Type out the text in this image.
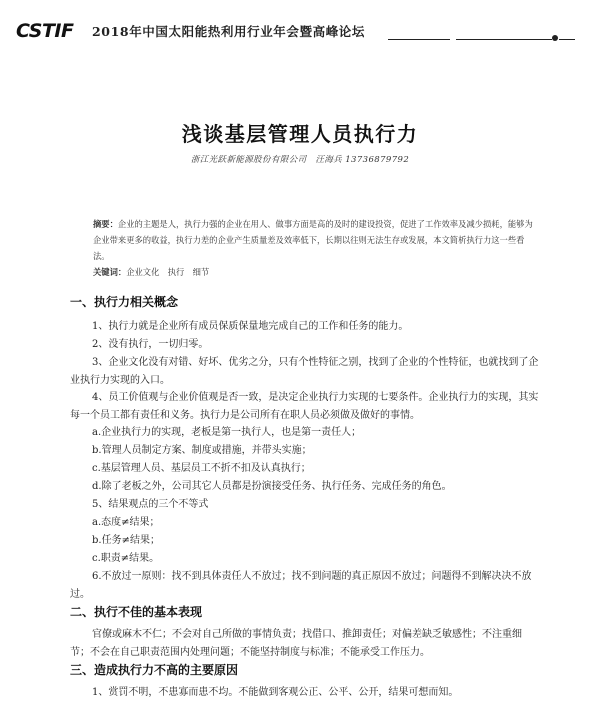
CSTIF 2018年中国太阳能热利用行业年会暨高峰论坛
浅谈基层管理人员执行力
浙江光跃新能源股份有限公司　汪海兵 13736879792
摘要：企业的主题是人，执行力强的企业在用人、做事方面是高的及时的建设投资，促进了工作效率及减少损耗，能够为企业带来更多的收益，执行力差的企业产生质量差及效率低下，长期以往则无法生存或发展，本文简析执行力这一些看法。
关键词：企业文化　执行　细节
一、执行力相关概念
1、执行力就是企业所有成员保质保量地完成自己的工作和任务的能力。
2、没有执行，一切归零。
3、企业文化没有对错、好坏、优劣之分，只有个性特征之别，找到了企业的个性特征，也就找到了企业执行力实现的入口。
4、员工价值观与企业价值观是否一致，是决定企业执行力实现的七要条件。企业执行力的实现，其实每一个员工都有责任和义务。执行力是公司所有在职人员必须做及做好的事情。
a.企业执行力的实现，老板是第一执行人，也是第一责任人；
b.管理人员制定方案、制度或措施，并带头实施；
c.基层管理人员、基层员工不折不扣及认真执行；
d.除了老板之外，公司其它人员都是扮演接受任务、执行任务、完成任务的角色。
5、结果观点的三个不等式
a.态度≠结果；
b.任务≠结果；
c.职责≠结果。
6.不放过一原则：找不到具体责任人不放过；找不到问题的真正原因不放过；问题得不到解决决不放过。
二、执行不佳的基本表现
官僚或麻木不仁；不会对自己所做的事情负责；找借口、推卸责任；对偏差缺乏敏感性；不注重细节；不会在自己职责范围内处理问题；不能坚持制度与标准；不能承受工作压力。
三、造成执行力不高的主要原因
1、赏罚不明，不患寡而患不均。不能做到客观公正、公平、公开，结果可想而知。
